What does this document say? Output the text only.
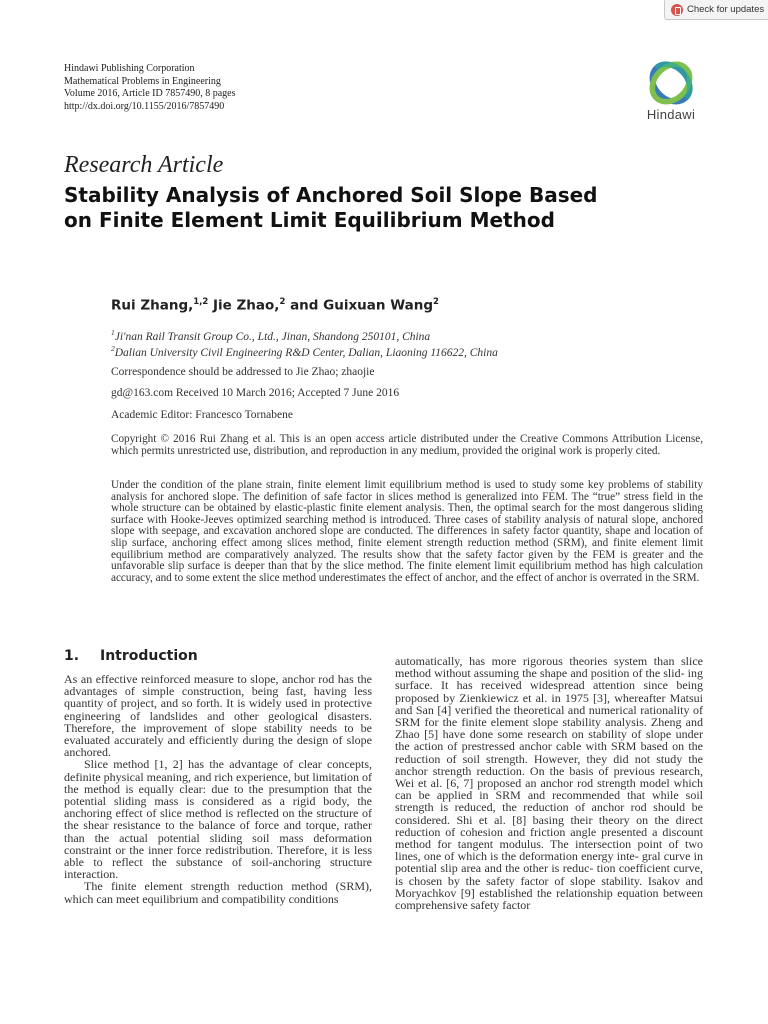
Check for updates
Hindawi Publishing Corporation
Mathematical Problems in Engineering
Volume 2016, Article ID 7857490, 8 pages
http://dx.doi.org/10.1155/2016/7857490
Hindawi
Research Article
Stability Analysis of Anchored Soil Slope Based on Finite Element Limit Equilibrium Method
Rui Zhang,$^{1,2}$ Jie Zhao,$^2$ and Guixuan Wang$^2$
$^1$Ji'nan Rail Transit Group Co., Ltd., Jinan, Shandong 250101, China
$^2$Dalian University Civil Engineering R&D Center, Dalian, Liaoning 116622, China
Correspondence should be addressed to Jie Zhao; zhaojie
gd@163.com Received 10 March 2016; Accepted 7 June 2016
Academic Editor: Francesco Tornabene
Copyright © 2016 Rui Zhang et al. This is an open access article distributed under the Creative Commons Attribution License, which permits unrestricted use, distribution, and reproduction in any medium, provided the original work is properly cited.
Under the condition of the plane strain, finite element limit equilibrium method is used to study some key problems of stability analysis for anchored slope. The definition of safe factor in slices method is generalized into FEM. The “true” stress field in the whole structure can be obtained by elastic-plastic finite element analysis. Then, the optimal search for the most dangerous sliding surface with Hooke-Jeeves optimized searching method is introduced. Three cases of stability analysis of natural slope, anchored slope with seepage, and excavation anchored slope are conducted. The differences in safety factor quantity, shape and location of slip surface, anchoring effect among slices method, finite element strength reduction method (SRM), and finite element limit equilibrium method are comparatively analyzed. The results show that the safety factor given by the FEM is greater and the unfavorable slip surface is deeper than that by the slice method. The finite element limit equilibrium method has high calculation accuracy, and to some extent the slice method underestimates the effect of anchor, and the effect of anchor is overrated in the SRM.
1. Introduction

As an effective reinforced measure to slope, anchor rod has the advantages of simple construction, being fast, having less quantity of project, and so forth. It is widely used in protective engineering of landslides and other geological disasters. Therefore, the improvement of slope stability needs to be evaluated accurately and efficiently during the design of slope anchored.

Slice method [1, 2] has the advantage of clear concepts, definite physical meaning, and rich experience, but limitation of the method is equally clear: due to the presumption that the potential sliding mass is considered as a rigid body, the anchoring effect of slice method is reflected on the structure of the shear resistance to the balance of force and torque, rather than the actual potential sliding soil mass deformation constraint or the inner force redistribution. Therefore, it is less able to reflect the substance of soil-anchoring structure interaction.

The finite element strength reduction method (SRM), which can meet equilibrium and compatibility conditions

automatically, has more rigorous theories system than slice method without assuming the shape and position of the slid- ing surface. It has received widespread attention since being proposed by Zienkiewicz et al. in 1975 [3], whereafter Matsui and San [4] verified the theoretical and numerical rationality of SRM for the finite element slope stability analysis. Zheng and Zhao [5] have done some research on stability of slope under the action of prestressed anchor cable with SRM based on the reduction of soil strength. However, they did not study the anchor strength reduction. On the basis of previous research, Wei et al. [6, 7] proposed an anchor rod strength model which can be applied in SRM and recommended that while soil strength is reduced, the reduction of anchor rod should be considered. Shi et al. [8] basing their theory on the direct reduction of cohesion and friction angle presented a discount method for tangent modulus. The intersection point of two lines, one of which is the deformation energy inte- gral curve in potential slip area and the other is reduc- tion coefficient curve, is chosen by the safety factor of slope stability. Isakov and Moryachkov [9] established the relationship equation between comprehensive safety factor
